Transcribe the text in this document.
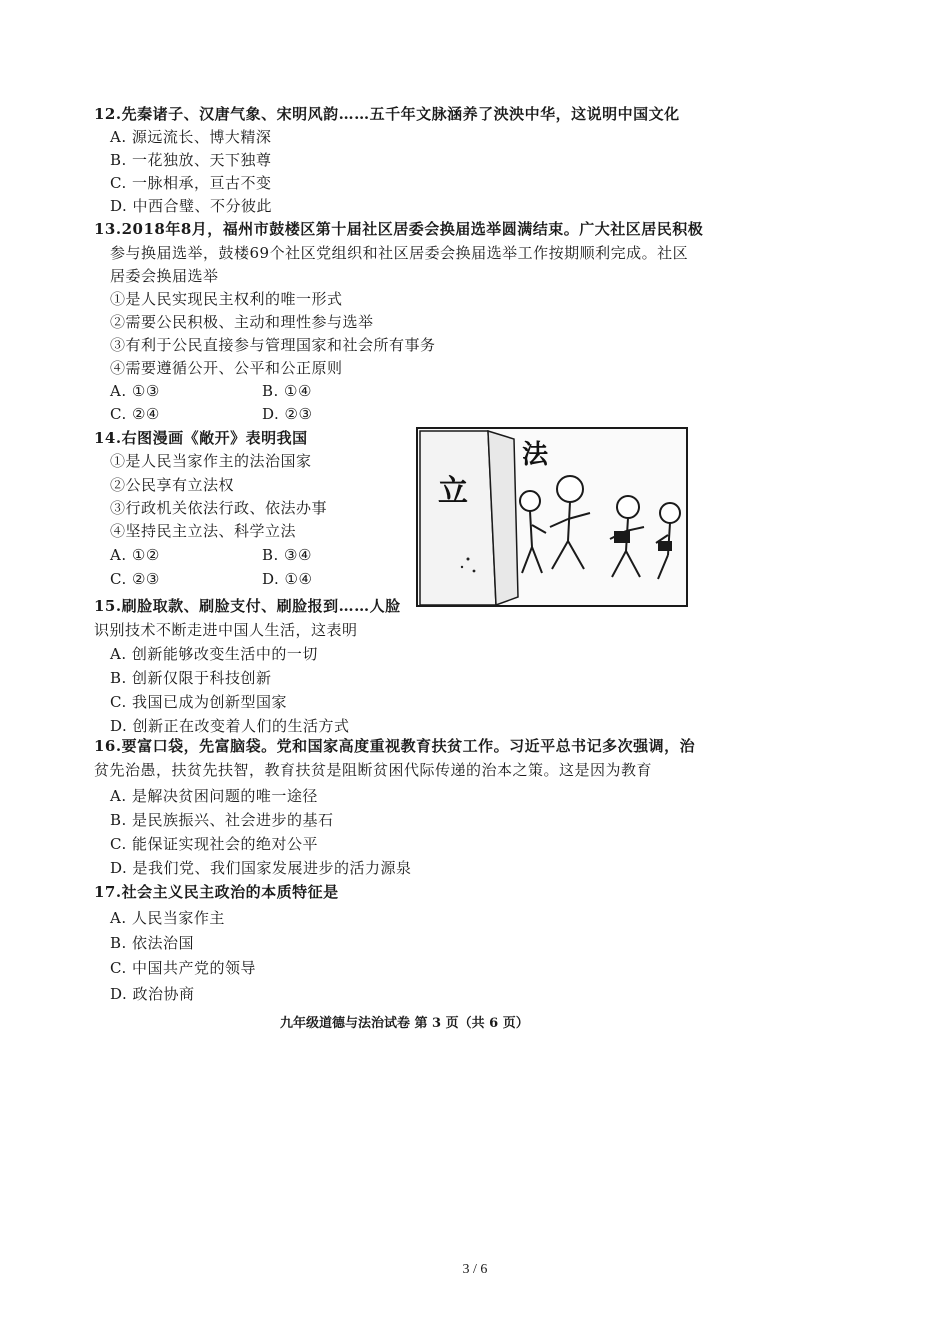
12.先秦诸子、汉唐气象、宋明风韵……五千年文脉涵养了泱泱中华，这说明中国文化
A. 源远流长、博大精深
B. 一花独放、天下独尊
C. 一脉相承，亘古不变
D. 中西合璧、不分彼此
13.2018年8月，福州市鼓楼区第十届社区居委会换届选举圆满结束。广大社区居民积极
参与换届选举，鼓楼69个社区党组织和社区居委会换届选举工作按期顺利完成。社区
居委会换届选举
①是人民实现民主权利的唯一形式
②需要公民积极、主动和理性参与选举
③有利于公民直接参与管理国家和社会所有事务
④需要遵循公开、公平和公正原则
A. ①③	B. ①④
C. ②④	D. ②③
14.右图漫画《敞开》表明我国
①是人民当家作主的法治国家
②公民享有立法权
③行政机关依法行政、依法办事
④坚持民主立法、科学立法
A. ①②	B. ③④
C. ②③	D. ①④
立
法
15.刷脸取款、刷脸支付、刷脸报到……人脸
识别技术不断走进中国人生活，这表明
A. 创新能够改变生活中的一切
B. 创新仅限于科技创新
C. 我国已成为创新型国家
D. 创新正在改变着人们的生活方式
16.要富口袋，先富脑袋。党和国家高度重视教育扶贫工作。习近平总书记多次强调，治
贫先治愚，扶贫先扶智，教育扶贫是阻断贫困代际传递的治本之策。这是因为教育
A. 是解决贫困问题的唯一途径
B. 是民族振兴、社会进步的基石
C. 能保证实现社会的绝对公平
D. 是我们党、我们国家发展进步的活力源泉
17.社会主义民主政治的本质特征是
A. 人民当家作主
B. 依法治国
C. 中国共产党的领导
D. 政治协商
九年级道德与法治试卷 第 3 页（共 6 页）
3 / 6
